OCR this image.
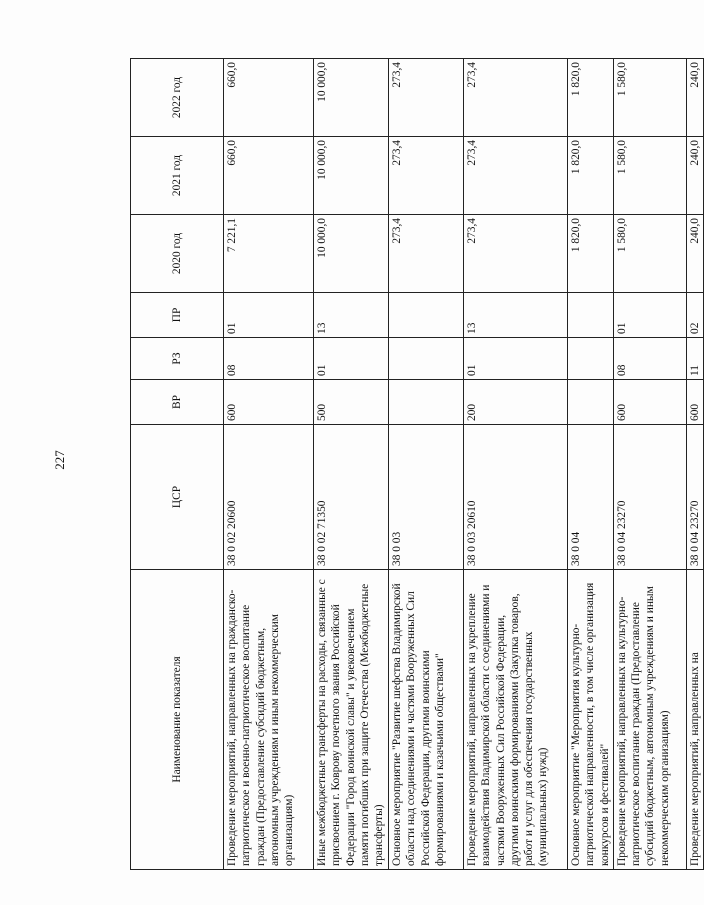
227
Наименование показателя	ЦСР	ВР	РЗ	ПР	2020 год	2021 год	2022 год
Проведение мероприятий, направленных на гражданско-патриотическое и военно-патриотическое воспитание граждан (Предоставление субсидий бюджетным, автономным учреждениям и иным некоммерческим организациям)	38 0 02 20600	600	08	01	7 221,1	660,0	660,0
Иные межбюджетные трансферты на расходы, связанные с присвоением г. Коврову почетного звания Российской Федерации "Город воинской славы" и увековечением памяти погибших при защите Отечества (Межбюджетные трансферты)	38 0 02 71350	500	01	13	10 000,0	10 000,0	10 000,0
Основное мероприятие "Развитие шефства Владимирской области над соединениями и частями Вооруженных Сил Российской Федерации, другими воинскими формированиями и казачьими обществами"	38 0 03				273,4	273,4	273,4
Проведение мероприятий, направленных на укрепление взаимодействия Владимирской области с соединениями и частями Вооруженных Сил Российской Федерации, другими воинскими формированиями (Закупка товаров, работ и услуг для обеспечения государственных (муниципальных) нужд)	38 0 03 20610	200	01	13	273,4	273,4	273,4
Основное мероприятие "Мероприятия культурно-патриотической направленности, в том числе организация конкурсов и фестивалей"	38 0 04				1 820,0	1 820,0	1 820,0
Проведение мероприятий, направленных на культурно-патриотическое воспитание граждан (Предоставление субсидий бюджетным, автономным учреждениям и иным некоммерческим организациям)	38 0 04 23270	600	08	01	1 580,0	1 580,0	1 580,0
Проведение мероприятий, направленных на	38 0 04 23270	600	11	02	240,0	240,0	240,0
